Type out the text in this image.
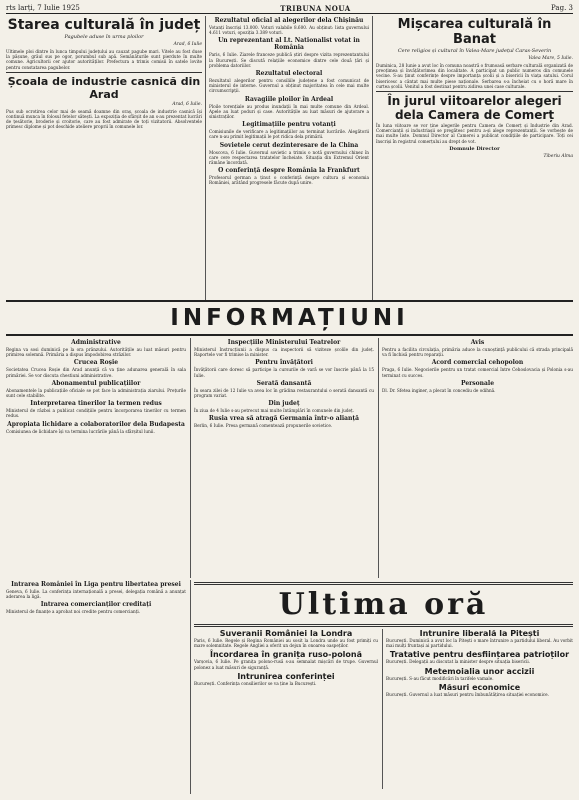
rts larți, 7 Iulie 1925	TRIBUNA NOUA	Pag. 3
Starea culturală în județ
Pagubele aduse în urma ploilor
Arad, 6 Iulie

Ultimele ploi dintre în lunca timpului județului au cauzat pagube mari. Vitele au fost duse la pășune, grâul sus pe ogor, porumbul sub apă. Semănăturile sunt pierdute în multe comune. Agricultorii cer ajutor autorităților. Prefectura a trimis comisii în satele lovite pentru constatarea pagubelor.

Școala de industrie casnică din Arad
Arad, 6 Iulie.

Pus sub ocrotirea celor mai de seamă doamne din oraș, școala de industrie casnică își continuă munca în folosul fetelor sătești. La expoziția de sfârșit de an s-au prezentat lucrări de țesătorie, broderie și croitorie, care au fost admirate de toți vizitatorii. Absolventele primesc diplome și pot deschide ateliere proprii în comunele lor.

Rezultatul oficial al alegerilor dela Chișinău

Votanți înscriși 13.000. Voturi valabile 8.600. Au obținut: lista guvernului 4.611 voturi, opoziția 3.389 voturi.

Un reprezentant al Lt. Nationalist votat in România

Paris, 6 Iulie. Ziarele franceze publică știri despre vizita reprezentantului la București. Se discută relațiile economice dintre cele două țări și problema datoriilor.

Rezultatul electoral

Rezultatul alegerilor pentru consiliile județene a fost comunicat de ministerul de interne. Guvernul a obținut majoritatea în cele mai multe circumscripții.

Ravagiile ploilor în Ardeal

Ploile torențiale au produs inundații în mai multe comune din Ardeal. Apele au luat poduri și case. Autoritățile au luat măsuri de ajutorare a sinistraților.

Legitimațiile pentru votanți

Comisiunile de verificare a legitimațiilor au terminat lucrările. Alegătorii care n-au primit legitimații le pot ridica dela primării.

Sovietele cerut dezinteresare de la China

Moscova, 6 Iulie. Guvernul sovietic a trimis o notă guvernului chinez în care cere respectarea tratatelor încheiate. Situația din Extremul Orient rămâne încordată.

O conferință despre România la Frankfurt

Profesorul german a ținut o conferință despre cultura și economia României, arătând progresele făcute după unire.

Mișcarea culturală în Banat
Cere religios și cultural în Valea-Mare județul Caras-Severin
Valea Mare, 5 Iulie.

Duminica, 28 Iunie a avut loc în comuna noastră o frumoasă serbare culturală organizată de preoțimea și învățătorimea din localitate. A participat un public numeros din comunele vecine. S-au ținut conferințe despre importanța școlii și a bisericii în viața satului. Corul bisericesc a cântat mai multe piese naționale. Serbarea s-a încheiat cu o horă mare în curtea școlii. Venitul a fost destinat pentru zidirea unei case culturale.

În jurul viitoarelor alegeri dela Camera de Comerț

În luna viitoare se vor ține alegerile pentru Camera de Comerț și Industrie din Arad. Comercianții și industriașii se pregătesc pentru a-și alege reprezentanții. Se vorbește de mai multe liste. Domnul Director al Camerei a publicat condițiile de participare. Toți cei înscriși în registrul comerțului au drept de vot.

Domnule Director
Tiberiu Alma
INFORMAȚIUNI
Administrative

Regina va sosi duminică pe la ora prânzului. Autoritățile au luat măsuri pentru primirea solemnă. Primăria a dispus împodobirea străzilor.

Crucea Roșie

Societatea Crucea Roșie din Arad anunță că va ține adunarea generală în sala primăriei. Se vor discuta chestiuni administrative.

Abonamentul publicațiilor

Abonamentele la publicațiile oficiale se pot face la administrația ziarului. Prețurile sunt cele stabilite.

Interpretarea tinerilor la termen redus

Ministerul de război a publicat condițiile pentru încorporarea tinerilor cu termen redus.

Apropiata lichidare a colaboratorilor dela Budapesta

Comisiunea de lichidare își va termina lucrările până la sfârșitul lunii.

Inspecțiile Ministerului Teatrelor

Ministerul Instrucțiunii a dispus ca inspectorii să viziteze școlile din județ. Raportele vor fi trimise la minister.

Pentru învățători

Învățătorii care doresc să participe la cursurile de vară se vor înscrie până la 15 Iulie.

Serată dansantă

În seara zilei de 12 Iulie va avea loc în grădina restaurantului o serată dansantă cu program variat.

Din județ

În ziua de 4 Iulie s-au petrecut mai multe întâmplări în comunele din județ.

Rusia vrea să atragă Germania într-o alianță

Berlin, 6 Iulie. Presa germană comentează propunerile sovietice.

Avis

Pentru a facilita circulația, primăria aduce la cunoștință publicului că strada principală va fi închisă pentru reparații.

Acord comercial cehopolon

Praga, 6 Iulie. Negocierile pentru un tratat comercial între Cehoslovacia și Polonia s-au terminat cu succes.

Personale

Dl. Dr. Sfetea inginer, a plecat în concediu de odihnă.

Intrarea României în Liga pentru libertatea presei

Geneva, 6 Iulie. La conferința internațională a presei, delegația română a anunțat aderarea la ligă.

Intrarea comercianților creditați

Ministerul de finanțe a aprobat noi credite pentru comercianți.	Ultima oră
Suveranii României la Londra

Paris, 6 Iulie. Regele și Regina României au sosit la Londra unde au fost primiți cu mare solemnitate. Regele Angliei a oferit un dejun în onoarea oaspeților.

Încordarea în granița ruso-polonă

Varșovia, 6 Iulie. Pe granița polono-rusă s-au semnalat mișcări de trupe. Guvernul polonez a luat măsuri de siguranță.

Intrunirea conferinței

București. Conferința consilierilor se va ține la București.

Intrunire liberală la Pitești

București. Duminică a avut loc la Pitești o mare întrunire a partidului liberal. Au vorbit mai mulți fruntași ai partidului.

Tratative pentru desființarea patrioților

București. Delegații au discutat la minister despre situația bisericii.

Metemoialia unor accizii

București. S-au făcut modificări în tarifele vamale.

Măsuri economice

București. Guvernul a luat măsuri pentru îmbunătățirea situației economice.
